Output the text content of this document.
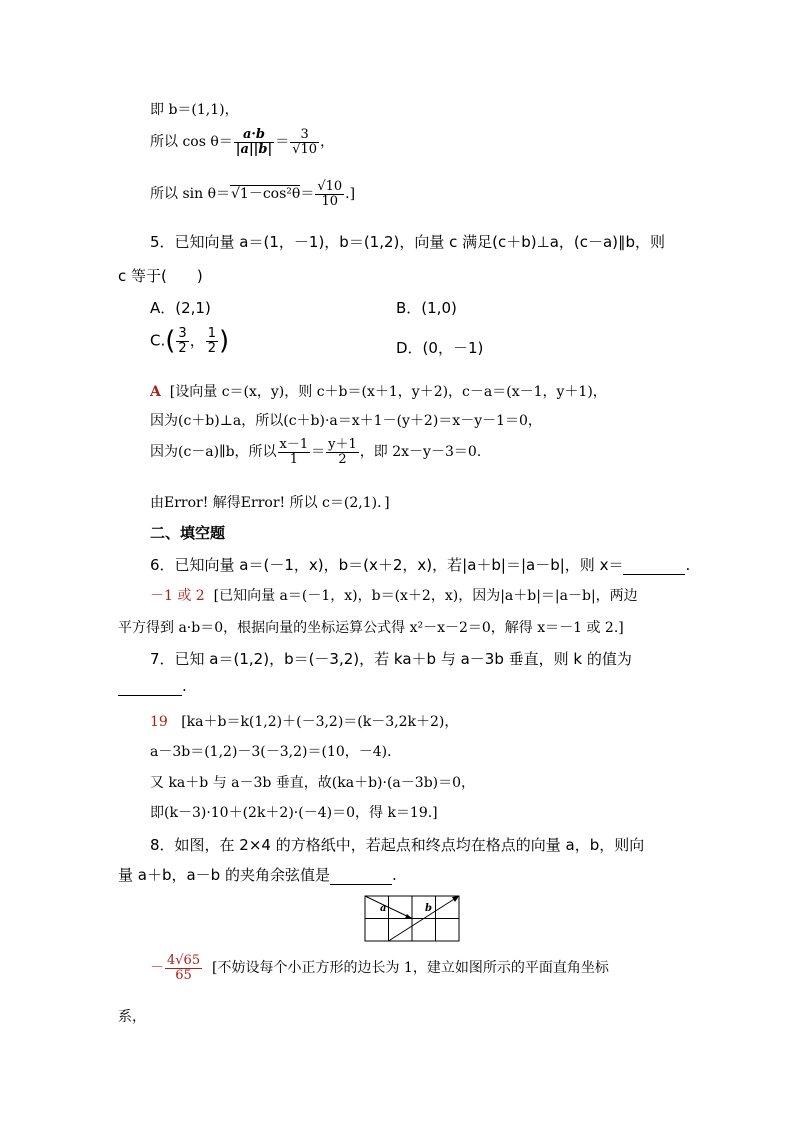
即 b＝(1,1)，
所以 $\cos \theta= \frac{a\cdot b}{|a||b|} = \frac{3}{√10}$ ，
所以 $\sin \theta=√1-\cos^2\theta= \frac{√10}{10}$ .]
5．已知向量 a＝(1，－1)，b＝(1,2)，向量 c 满足(c＋b)⊥a，(c－a)∥b，则
c 等于(　　)
A．(2,1)	B．(1,0)
$C.( \frac{3}{2}$ ， $\frac{1}{2}$ )	D．(0，－1)
A [设向量 c＝(x，y)，则 c＋b＝(x＋1，y＋2)，c－a＝(x－1，y＋1)，
因为(c＋b)⊥a，所以(c＋b)·a＝x＋1－(y＋2)＝x－y－1＝0，
因为(c－a)∥b，所以 $\frac{x-1}{1} = \frac{y+1}{2}$ ，即 2x－y－3＝0.
由Error! 解得Error! 所以 c＝(2,1)．]
二、填空题
6．已知向量 a＝(－1，x)，b＝(x＋2，x)，若|a＋b|＝|a－b|，则 x＝	.
－1 或 2 [已知向量 a＝(－1，x)，b＝(x＋2，x)，因为|a＋b|＝|a－b|，两边
平方得到 a·b＝0，根据向量的坐标运算公式得 x²－x－2＝0，解得 x＝－1 或 2.]
7．已知 a＝(1,2)，b＝(－3,2)，若 ka＋b 与 a－3b 垂直，则 k 的值为
.
19 [ka＋b＝k(1,2)＋(－3,2)＝(k－3,2k＋2)，
a－3b＝(1,2)－3(－3,2)＝(10，－4)．
又 ka＋b 与 a－3b 垂直，故(ka＋b)·(a－3b)＝0，
即(k－3)·10＋(2k＋2)·(－4)＝0，得 k＝19.]
8．如图，在 2×4 的方格纸中，若起点和终点均在格点的向量 a，b，则向
量 a＋b，a－b 的夹角余弦值是	.
a	b
－ $\frac{4√65}{65}$ [不妨设每个小正方形的边长为 1，建立如图所示的平面直角坐标
系，
